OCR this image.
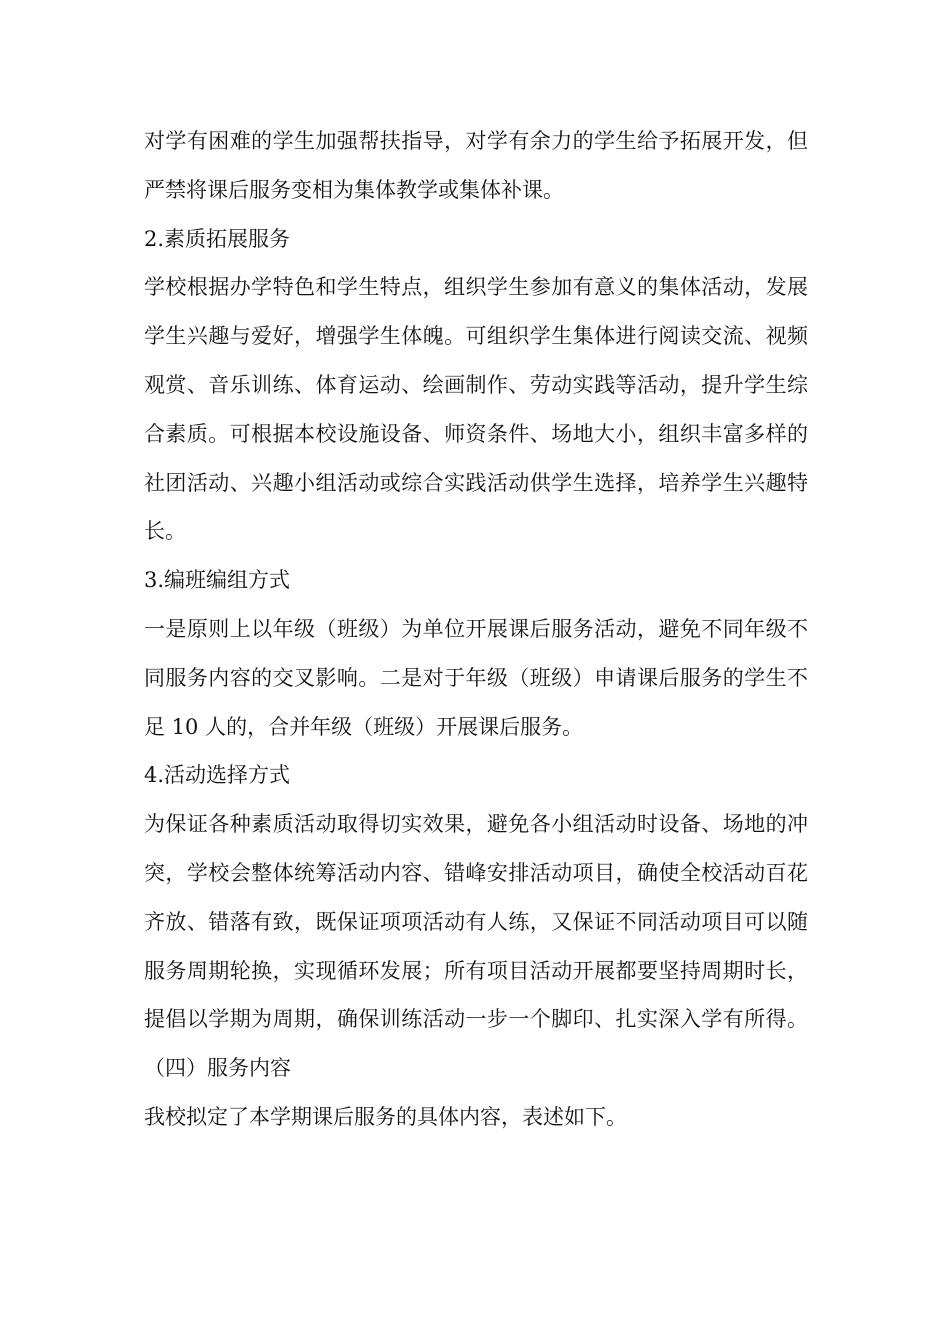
对学有困难的学生加强帮扶指导，对学有余力的学生给予拓展开发，但
严禁将课后服务变相为集体教学或集体补课。
2.素质拓展服务
学校根据办学特色和学生特点，组织学生参加有意义的集体活动，发展
学生兴趣与爱好，增强学生体魄。可组织学生集体进行阅读交流、视频
观赏、音乐训练、体育运动、绘画制作、劳动实践等活动，提升学生综
合素质。可根据本校设施设备、师资条件、场地大小，组织丰富多样的
社团活动、兴趣小组活动或综合实践活动供学生选择，培养学生兴趣特
长。
3.编班编组方式
一是原则上以年级（班级）为单位开展课后服务活动，避免不同年级不
同服务内容的交叉影响。二是对于年级（班级）申请课后服务的学生不
足 10 人的，合并年级（班级）开展课后服务。
4.活动选择方式
为保证各种素质活动取得切实效果，避免各小组活动时设备、场地的冲
突，学校会整体统筹活动内容、错峰安排活动项目，确使全校活动百花
齐放、错落有致，既保证项项活动有人练，又保证不同活动项目可以随
服务周期轮换，实现循环发展；所有项目活动开展都要坚持周期时长，
提倡以学期为周期，确保训练活动一步一个脚印、扎实深入学有所得。
（四）服务内容
我校拟定了本学期课后服务的具体内容，表述如下。
